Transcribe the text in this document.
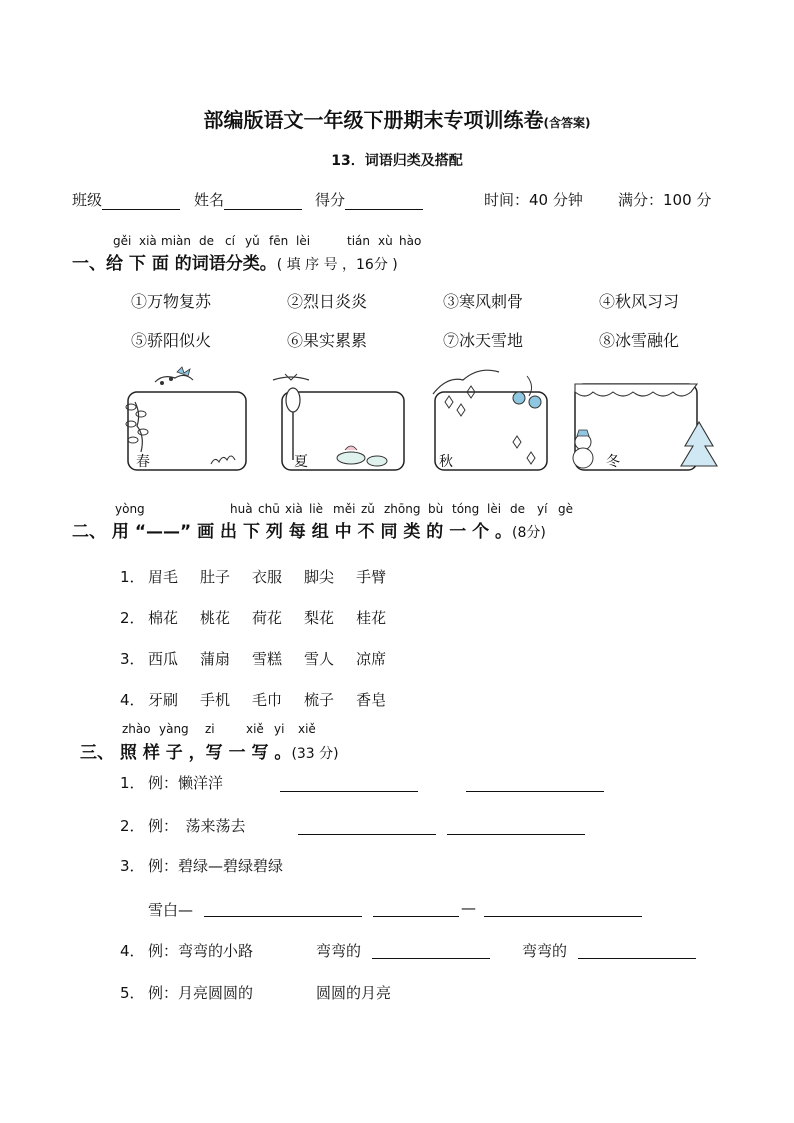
部编版语文一年级下册期末专项训练卷(含答案)
13．词语归类及搭配
班级	姓名	得分	时间：40 分钟 满分：100 分
gěi xià miàn de cí yǔ fēn lèi	tián xù hào
一、给 下 面 的词语分类。( 填 序 号 ，16分 )
①万物复苏	②烈日炎炎	③寒风刺骨	④秋风习习
⑤骄阳似火	⑥果实累累	⑦冰天雪地	⑧冰雪融化
春	夏	秋	冬
yòng	huà chū xià liè měi zǔ zhōng bù tóng lèi de yí gè
二、 用 “——” 画 出 下 列 每 组 中 不 同 类 的 一 个 。(8分)
1． 眉毛 肚子 衣服 脚尖 手臂
2． 棉花 桃花 荷花 梨花 桂花
3． 西瓜 蒲扇 雪糕 雪人 凉席
4． 牙刷 手机 毛巾 梳子 香皂
zhào yàng zi	xiě yi xiě
三、 照 样 子 ，写 一 写 。(33 分)
1． 例：懒洋洋
2． 例：　荡来荡去
3． 例：碧绿—碧绿碧绿
雪白—	—
4． 例：弯弯的小路	弯弯的	弯弯的
5． 例：月亮圆圆的	圆圆的月亮
